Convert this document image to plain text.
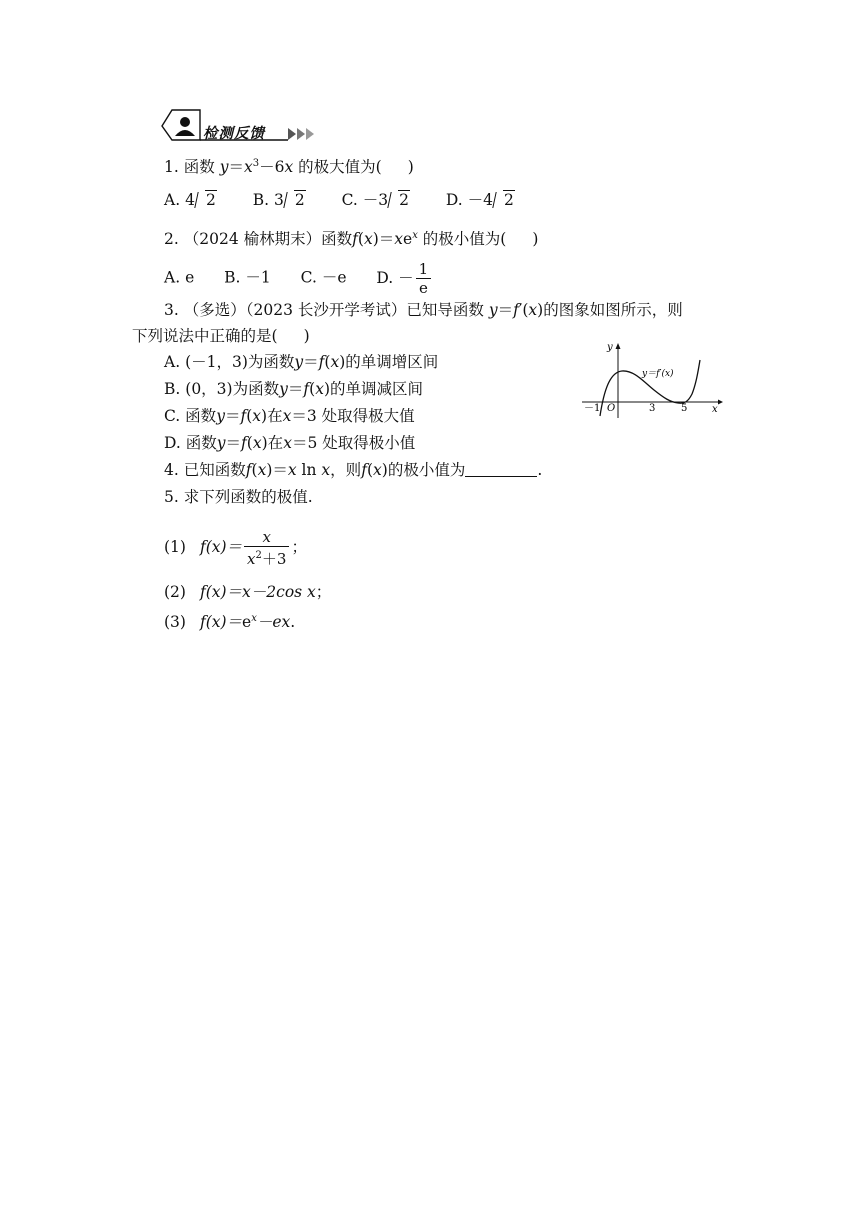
检测反馈
1. 函数 $y=x^3-6x$ 的极大值为( )
A. 4 2 B. 3 2 C. －3 2 D. －4 2
2. （2024 榆林期末）函数$f(x)=xe^x$ 的极小值为( )
A. e B. －1 C. －e D. － $\frac{1}{e}$
3. （多选）（2023 长沙开学考试）已知导函数 y＝f′(x)的图象如图所示，则
下列说法中正确的是( )
A. (－1，3)为函数y＝f(x)的单调增区间
B. (0，3)为函数y＝f(x)的单调减区间
C. 函数y＝f(x)在x＝3 处取得极大值
D. 函数y＝f(x)在x＝5 处取得极小值
y
x
O
y＝f′(x)
－1	3	5
4. 已知函数f(x)＝x ln x，则f(x)的极小值为	.
5. 求下列函数的极值.
(1) $f(x)= \frac{x}{x^2+3}$ ；
(2) f(x)＝x－2cos x；
(3) $f(x)=e^x-ex$.
